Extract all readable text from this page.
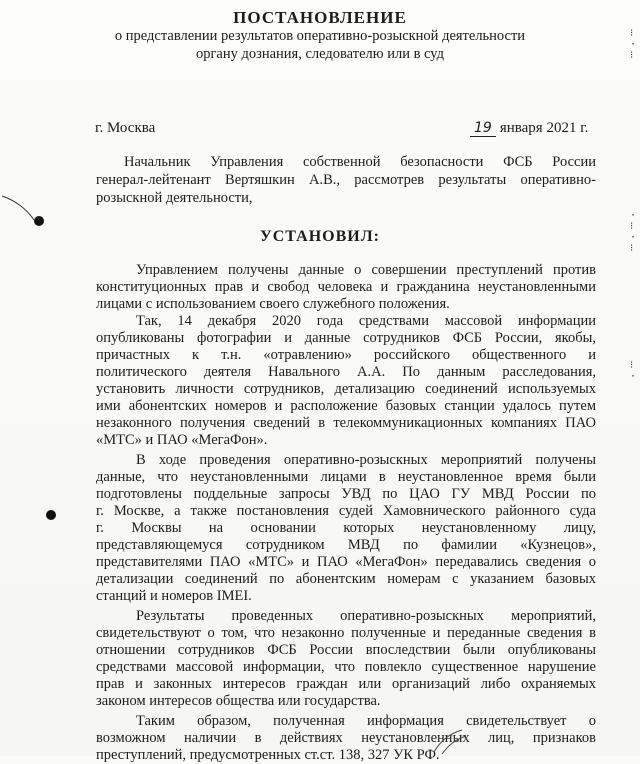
ПОСТАНОВЛЕНИЕ
о представлении результатов оперативно-розыскной деятельности
органу дознания, следователю или в суд
г. Москва	19 января 2021 г.
Начальник Управления собственной безопасности ФСБ России
генерал-лейтенант Вертяшкин А.В., рассмотрев результаты оперативно-
розыскной деятельности,
УСТАНОВИЛ:
Управлением получены данные о совершении преступлений против
конституционных прав и свобод человека и гражданина неустановленными
лицами с использованием своего служебного положения.
Так, 14 декабря 2020 года средствами массовой информации
опубликованы фотографии и данные сотрудников ФСБ России, якобы,
причастных к т.н. «отравлению» российского общественного и
политического деятеля Навального А.А. По данным расследования,
установить личности сотрудников, детализацию соединений используемых
ими абонентских номеров и расположение базовых станции удалось путем
незаконного получения сведений в телекоммуникационных компаниях ПАО
«МТС» и ПАО «МегаФон».
В ходе проведения оперативно-розыскных мероприятий получены
данные, что неустановленными лицами в неустановленное время были
подготовлены поддельные запросы УВД по ЦАО ГУ МВД России по
г. Москве, а также постановления судей Хамовнического районного суда
г. Москвы на основании которых неустановленному лицу,
представляющемуся сотрудником МВД по фамилии «Кузнецов»,
представителями ПАО «МТС» и ПАО «МегаФон» передавались сведения о
детализации соединений по абонентским номерам с указанием базовых
станций и номеров IMEI.
Результаты проведенных оперативно-розыскных мероприятий,
свидетельствуют о том, что незаконно полученные и переданные сведения в
отношении сотрудников ФСБ России впоследствии были опубликованы
средствами массовой информации, что повлекло существенное нарушение
прав и законных интересов граждан или организаций либо охраняемых
законом интересов общества или государства.
Таким образом, полученная информация свидетельствует о
возможном наличии в действиях неустановленных лиц, признаков
преступлений, предусмотренных ст.ст. 138, 327 УК РФ.
⁝
·
⁝
·
⁝
·
⁝
⁝
·
